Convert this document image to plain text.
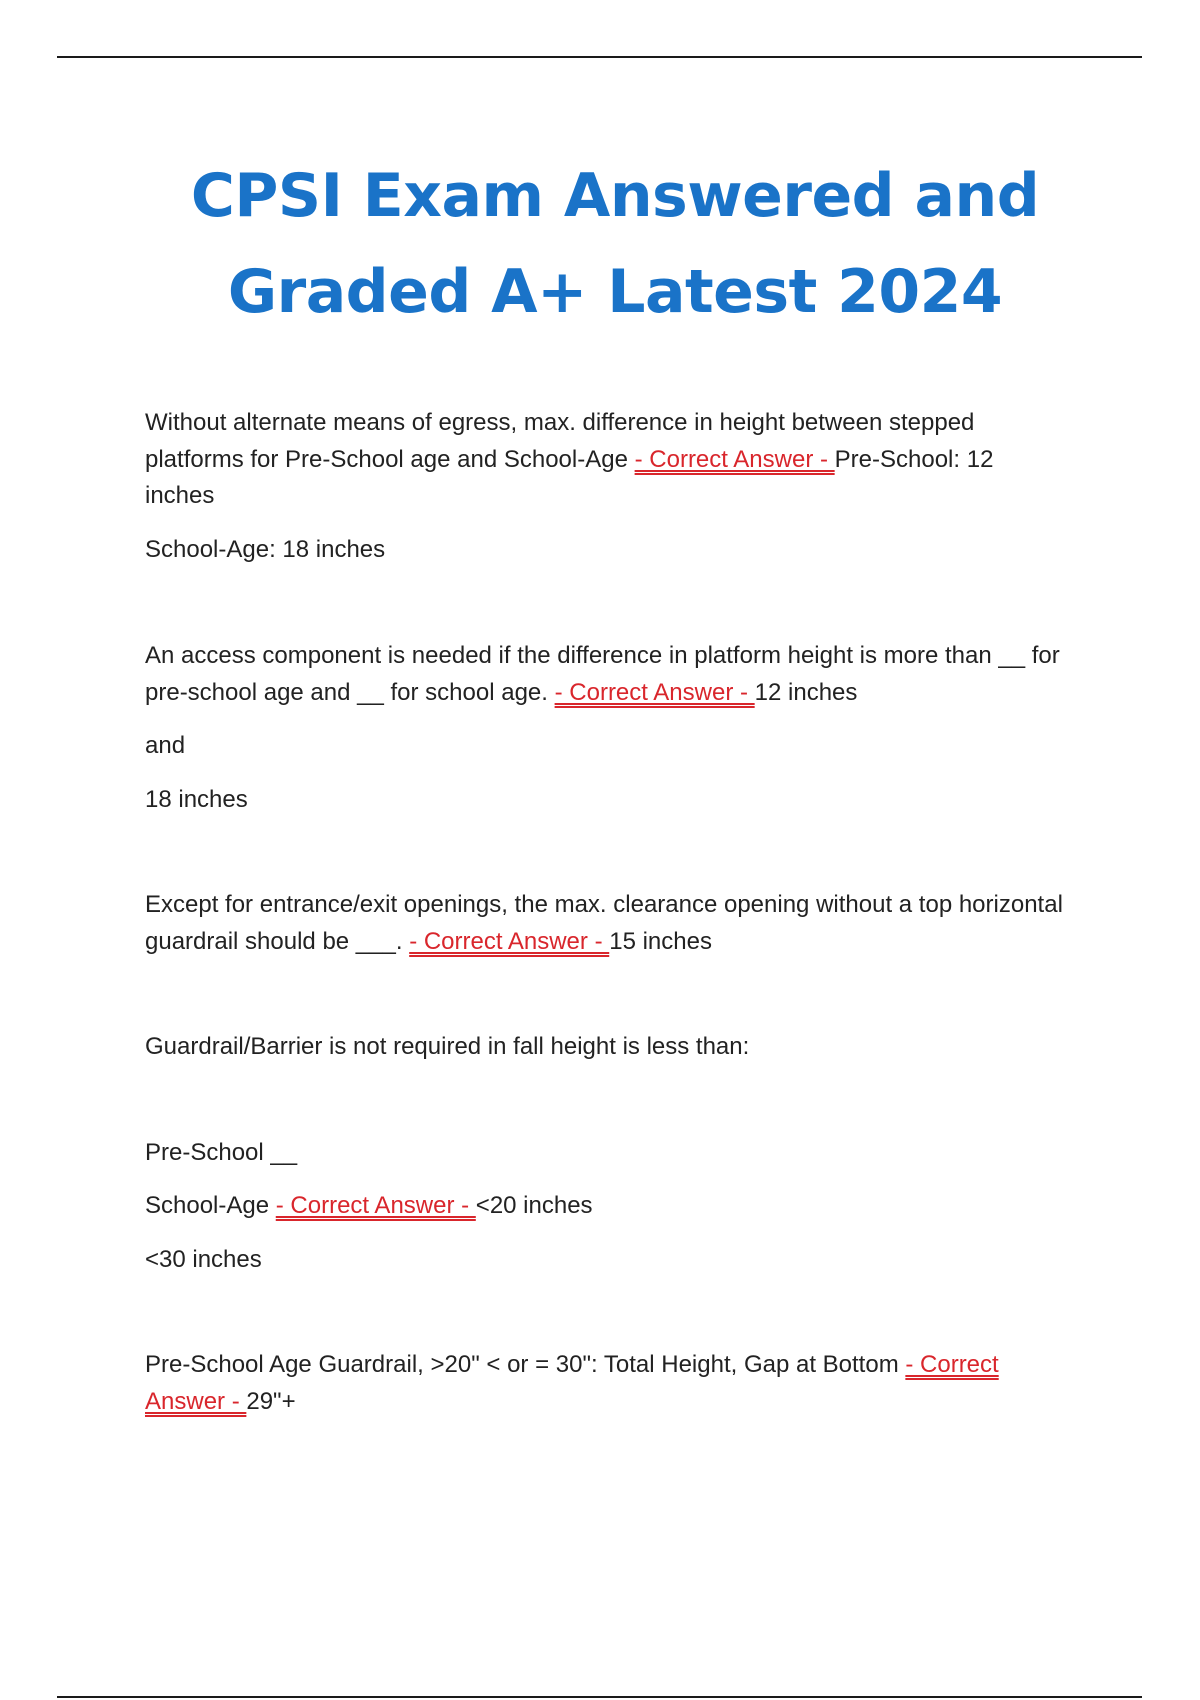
CPSI Exam Answered and
Graded A+ Latest 2024

Without alternate means of egress, max. difference in height between stepped platforms for Pre-School age and School-Age - Correct Answer - Pre-School: 12 inches

School-Age: 18 inches

An access component is needed if the difference in platform height is more than __ for pre-school age and __ for school age. - Correct Answer - 12 inches

and

18 inches

Except for entrance/exit openings, the max. clearance opening without a top horizontal guardrail should be ___. - Correct Answer - 15 inches

Guardrail/Barrier is not required in fall height is less than:

Pre-School __

School-Age - Correct Answer - <20 inches

<30 inches

Pre-School Age Guardrail, >20" < or = 30": Total Height, Gap at Bottom - Correct
Answer - 29"+
